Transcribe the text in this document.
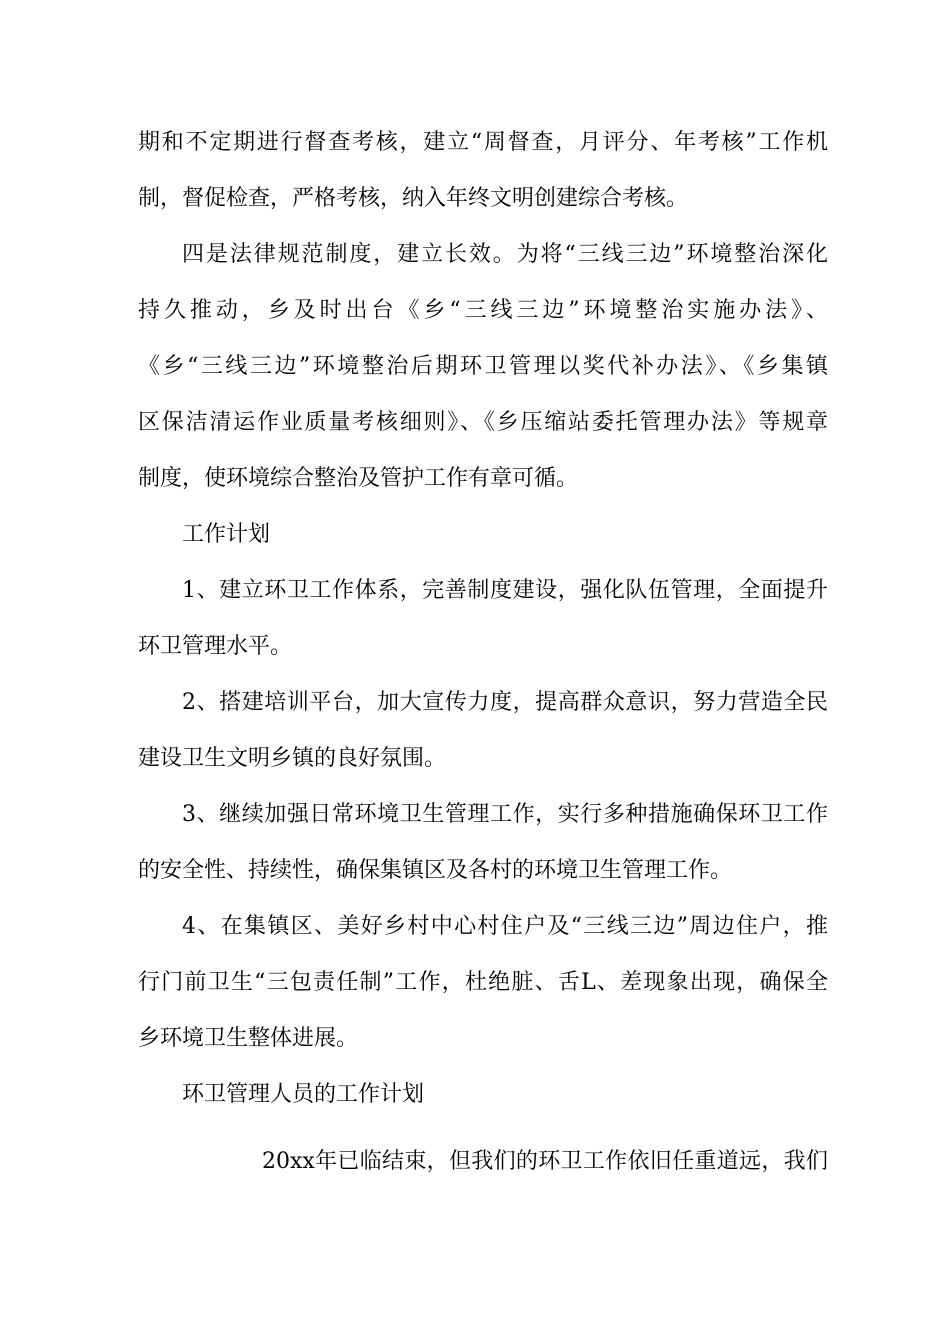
期和不定期进行督查考核，建立“周督查，月评分、年考核”工作机
制，督促检查，严格考核，纳入年终文明创建综合考核。
四是法律规范制度，建立长效。为将“三线三边”环境整治深化
持久推动，乡及时出台《乡“三线三边”环境整治实施办法》、
《乡“三线三边”环境整治后期环卫管理以奖代补办法》、《乡集镇
区保洁清运作业质量考核细则》、《乡压缩站委托管理办法》等规章
制度，使环境综合整治及管护工作有章可循。
工作计划
1、建立环卫工作体系，完善制度建设，强化队伍管理，全面提升
环卫管理水平。
2、搭建培训平台，加大宣传力度，提高群众意识，努力营造全民
建设卫生文明乡镇的良好氛围。
3、继续加强日常环境卫生管理工作，实行多种措施确保环卫工作
的安全性、持续性，确保集镇区及各村的环境卫生管理工作。
4、在集镇区、美好乡村中心村住户及“三线三边”周边住户，推
行门前卫生“三包责任制”工作，杜绝脏、舌L、差现象出现，确保全
乡环境卫生整体进展。
环卫管理人员的工作计划
20xx年已临结束，但我们的环卫工作依旧任重道远，我们
